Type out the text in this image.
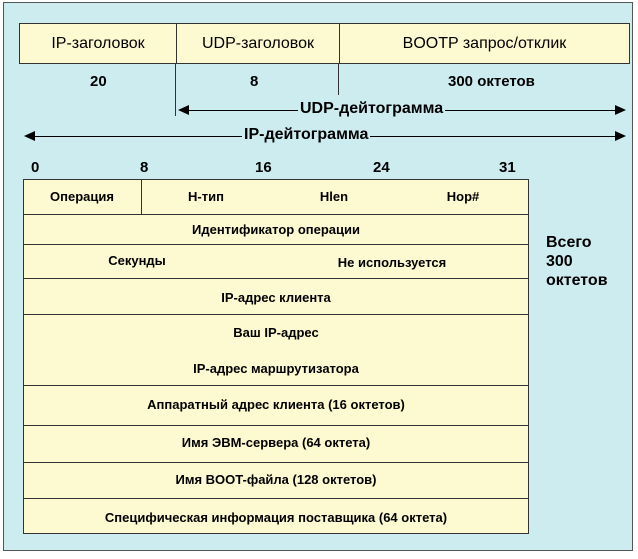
IP-заголовок	UDP-заголовок	BOOTP запрос/отклик
20	8	300 октетов
UDP-дейтограмма
IP-дейтограмма
0	8	16	24	31
Операция	Н-тип	Hlen	Hop#
Идентификатор операции
Секунды	Не используется
IP-адрес клиента
Ваш IP-адрес
IP-адрес маршрутизатора
Аппаратный адрес клиента (16 октетов)
Имя ЭВМ-сервера (64 октета)
Имя BOOT-файла (128 октетов)
Специфическая информация поставщика (64 октета)
Всего
300
октетов
